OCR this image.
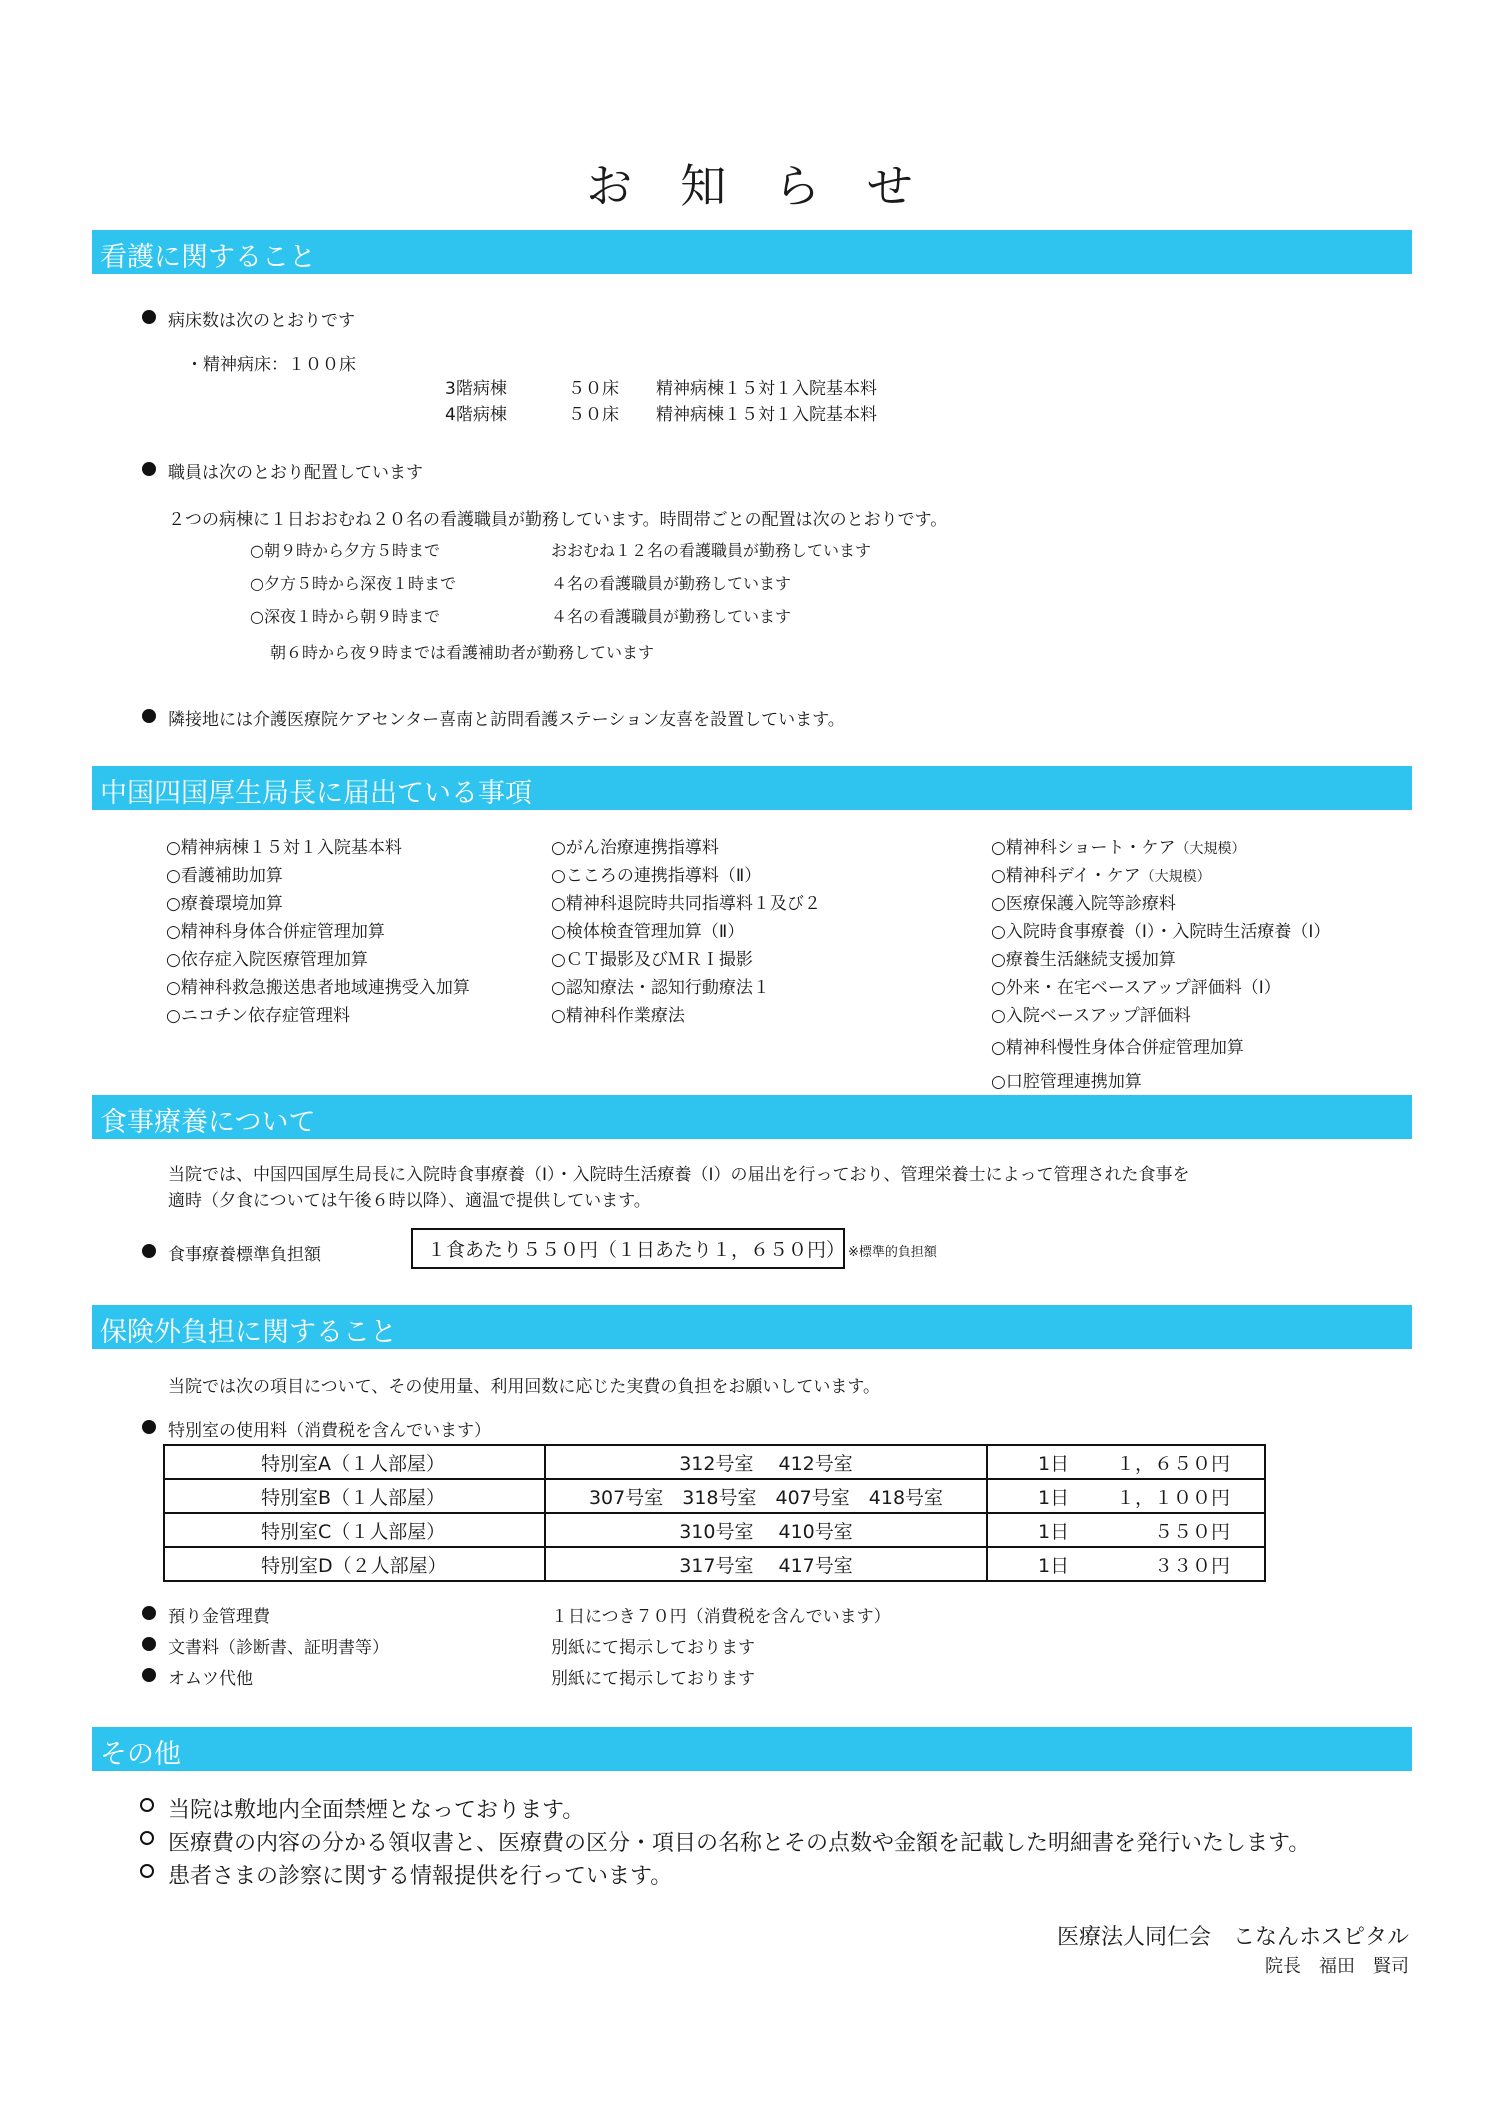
お知らせ
看護に関すること
病床数は次のとおりです
・精神病床：１００床
3階病棟	５０床 精神病棟１５対１入院基本料
4階病棟	５０床 精神病棟１５対１入院基本料
職員は次のとおり配置しています
２つの病棟に１日おおむね２０名の看護職員が勤務しています。時間帯ごとの配置は次のとおりです。
○朝９時から夕方５時まで	おおむね１２名の看護職員が勤務しています
○夕方５時から深夜１時まで	４名の看護職員が勤務しています
○深夜１時から朝９時まで	４名の看護職員が勤務しています
朝６時から夜９時までは看護補助者が勤務しています
隣接地には介護医療院ケアセンター喜南と訪問看護ステーション友喜を設置しています。
中国四国厚生局長に届出ている事項
○精神病棟１５対１入院基本料
○看護補助加算
○療養環境加算
○精神科身体合併症管理加算
○依存症入院医療管理加算
○精神科救急搬送患者地域連携受入加算
○ニコチン依存症管理料
○がん治療連携指導料
○こころの連携指導料（Ⅱ）
○精神科退院時共同指導料１及び２
○検体検査管理加算（Ⅱ）
○ＣＴ撮影及びＭＲＩ撮影
○認知療法・認知行動療法１
○精神科作業療法
○精神科ショート・ケア（大規模）
○精神科デイ・ケア（大規模）
○医療保護入院等診療料
○入院時食事療養（Ⅰ）・入院時生活療養（Ⅰ）
○療養生活継続支援加算
○外来・在宅ベースアップ評価料（Ⅰ）
○入院ベースアップ評価料
○精神科慢性身体合併症管理加算
○口腔管理連携加算
食事療養について
当院では、中国四国厚生局長に入院時食事療養（Ⅰ）・入院時生活療養（Ⅰ）の届出を行っており、管理栄養士によって管理された食事を
適時（夕食については午後６時以降）、適温で提供しています。
食事療養標準負担額	１食あたり５５０円（１日あたり１，６５０円） ※標準的負担額
保険外負担に関すること
当院では次の項目について、その使用量、利用回数に応じた実費の負担をお願いしています。
特別室の使用料（消費税を含んでいます）
特別室A（１人部屋）	312号室　 412号室	1日 １，６５０円

特別室B（１人部屋）	307号室　318号室　407号室　418号室	1日 １，１００円

特別室C（１人部屋）	310号室　 410号室	1日 ５５０円

特別室D（２人部屋）	317号室　 417号室	1日 ３３０円
預り金管理費	１日につき７０円（消費税を含んでいます）
文書料（診断書、証明書等）	別紙にて掲示しております
オムツ代他	別紙にて掲示しております
その他
当院は敷地内全面禁煙となっております。
医療費の内容の分かる領収書と、医療費の区分・項目の名称とその点数や金額を記載した明細書を発行いたします。
患者さまの診察に関する情報提供を行っています。
医療法人同仁会　こなんホスピタル
院長　福田　賢司
